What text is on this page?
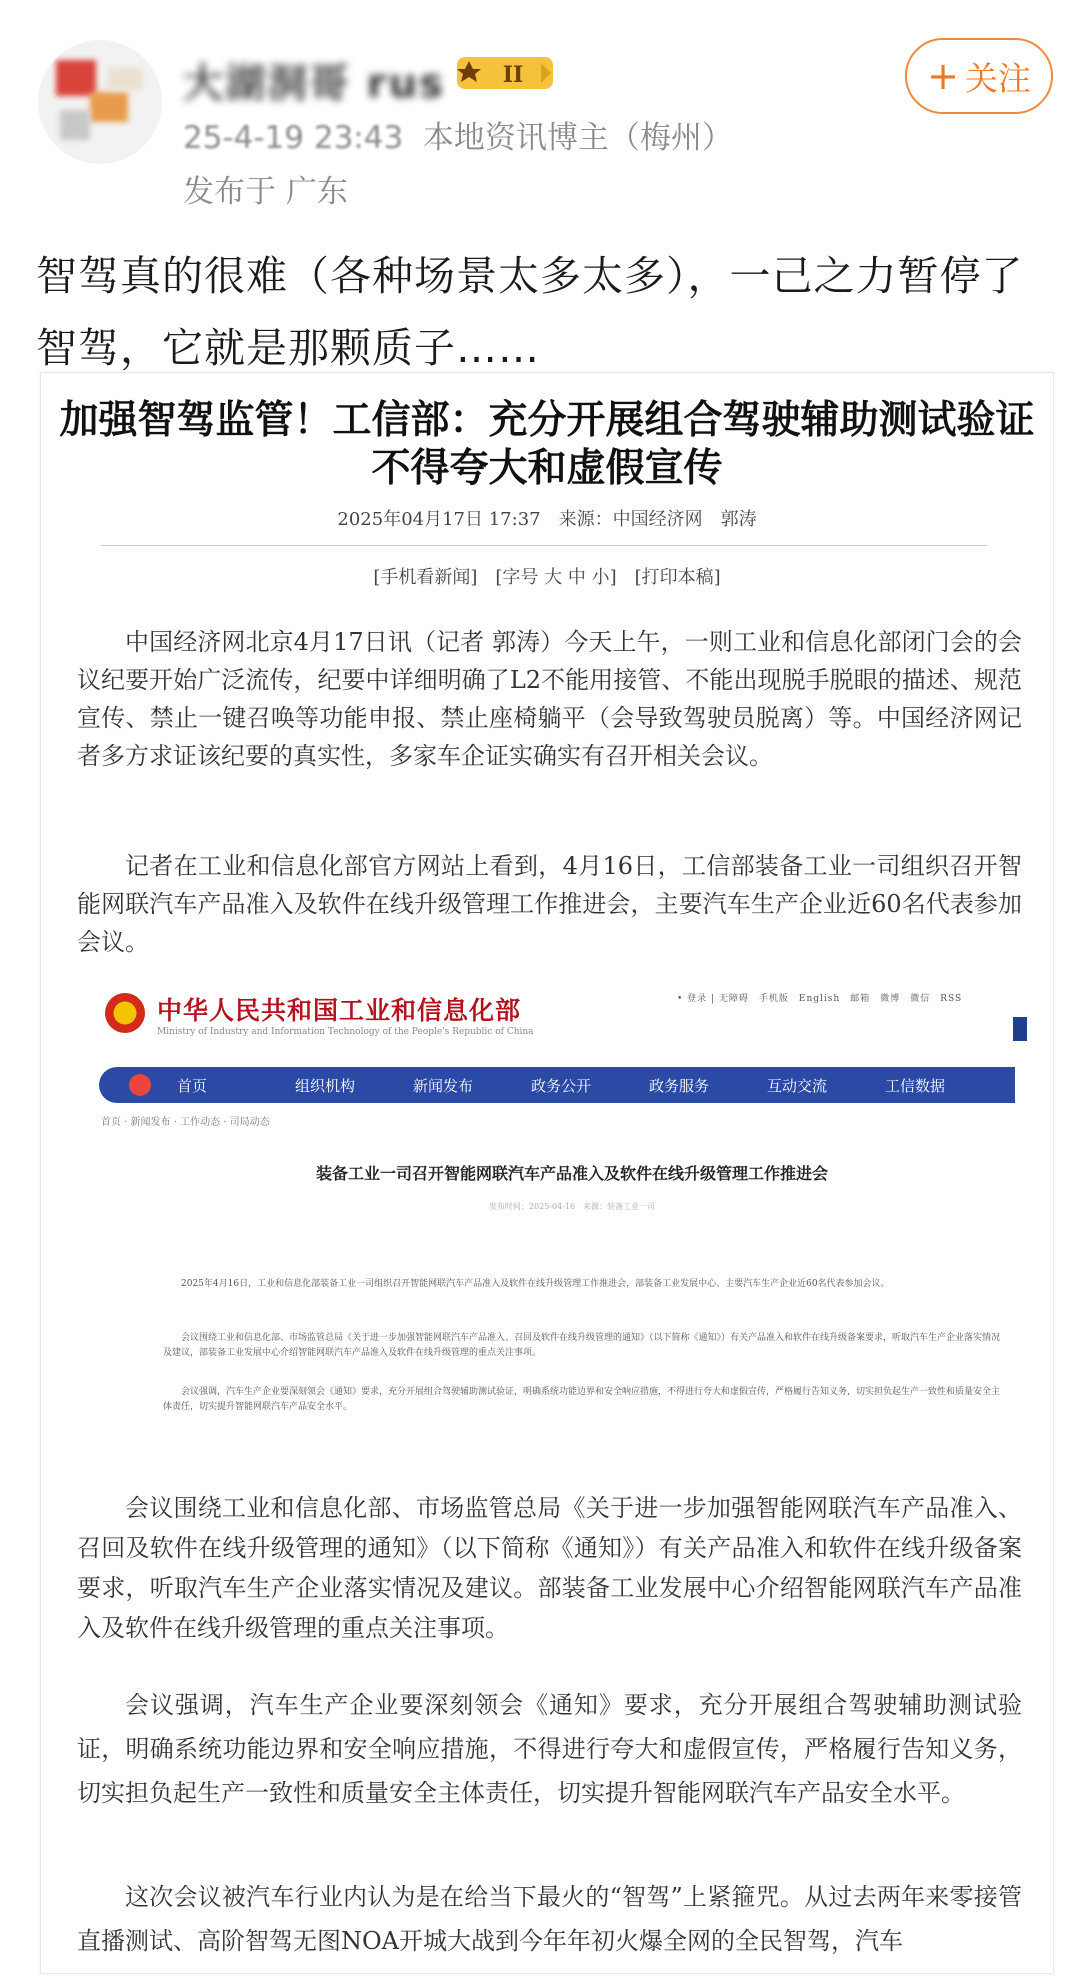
大湖洞哥 rus	II
25-4-19 23:43 本地资讯博主（梅州）
发布于 广东
+ 关注
智驾真的很难（各种场景太多太多），一己之力暂停了智驾，它就是那颗质子……
加强智驾监管！工信部：充分开展组合驾驶辅助测试验证
不得夸大和虚假宣传
2025年04月17日 17:37　来源：中国经济网　郭涛
[手机看新闻]　[字号 大 中 小]　[打印本稿]
中国经济网北京4月17日讯（记者 郭涛）今天上午，一则工业和信息化部闭门会的会议纪要开始广泛流传，纪要中详细明确了L2不能用接管、不能出现脱手脱眼的描述、规范宣传、禁止一键召唤等功能申报、禁止座椅躺平（会导致驾驶员脱离）等。中国经济网记者多方求证该纪要的真实性，多家车企证实确实有召开相关会议。
记者在工业和信息化部官方网站上看到，4月16日，工信部装备工业一司组织召开智能网联汽车产品准入及软件在线升级管理工作推进会，主要汽车生产企业近60名代表参加会议。
中华人民共和国工业和信息化部
Ministry of Industry and Information Technology of the People's Republic of China
• 登录 | 无障碍　手机版　English　邮箱　微博　微信　RSS
首页	组织机构	新闻发布	政务公开	政务服务	互动交流	工信数据
首页 · 新闻发布 · 工作动态 · 司局动态
装备工业一司召开智能网联汽车产品准入及软件在线升级管理工作推进会
发布时间：2025-04-16　来源：装备工业一司
2025年4月16日，工业和信息化部装备工业一司组织召开智能网联汽车产品准入及软件在线升级管理工作推进会，部装备工业发展中心、主要汽车生产企业近60名代表参加会议。
会议围绕工业和信息化部、市场监管总局《关于进一步加强智能网联汽车产品准入、召回及软件在线升级管理的通知》（以下简称《通知》）有关产品准入和软件在线升级备案要求，听取汽车生产企业落实情况及建议，部装备工业发展中心介绍智能网联汽车产品准入及软件在线升级管理的重点关注事项。
会议强调，汽车生产企业要深刻领会《通知》要求，充分开展组合驾驶辅助测试验证，明确系统功能边界和安全响应措施，不得进行夸大和虚假宣传，严格履行告知义务，切实担负起生产一致性和质量安全主体责任，切实提升智能网联汽车产品安全水平。
会议围绕工业和信息化部、市场监管总局《关于进一步加强智能网联汽车产品准入、召回及软件在线升级管理的通知》（以下简称《通知》）有关产品准入和软件在线升级备案要求，听取汽车生产企业落实情况及建议。部装备工业发展中心介绍智能网联汽车产品准入及软件在线升级管理的重点关注事项。
会议强调，汽车生产企业要深刻领会《通知》要求，充分开展组合驾驶辅助测试验证，明确系统功能边界和安全响应措施，不得进行夸大和虚假宣传，严格履行告知义务，切实担负起生产一致性和质量安全主体责任，切实提升智能网联汽车产品安全水平。
这次会议被汽车行业内认为是在给当下最火的“智驾”上紧箍咒。从过去两年来零接管直播测试、高阶智驾无图NOA开城大战到今年年初火爆全网的全民智驾，汽车
